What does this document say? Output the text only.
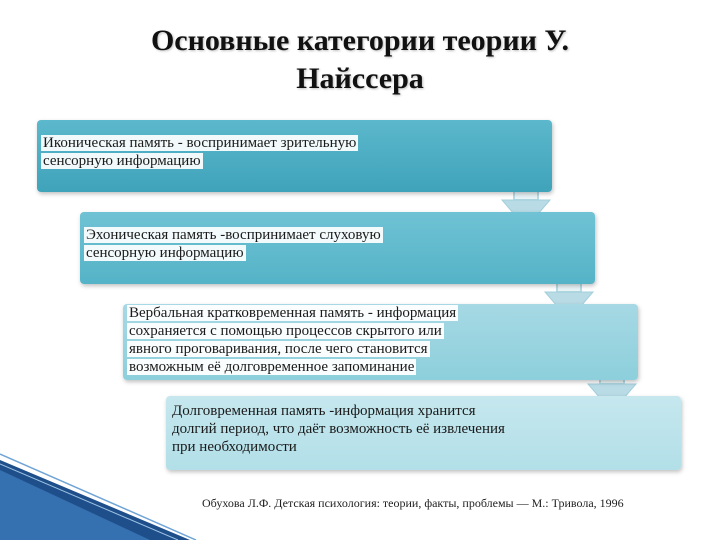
Основные категории теории У.
Найссера
Иконическая память - воспринимает зрительную
сенсорную информацию
Эхоническая память -воспринимает слуховую
сенсорную информацию
Вербальная кратковременная память - информация
сохраняется с помощью процессов скрытого или
явного проговаривания, после чего становится
возможным её долговременное запоминание
Долговременная память -информация хранится
долгий период, что даёт возможность её извлечения
при необходимости
Обухова Л.Ф. Детская психология: теории, факты, проблемы — М.: Тривола, 1996
